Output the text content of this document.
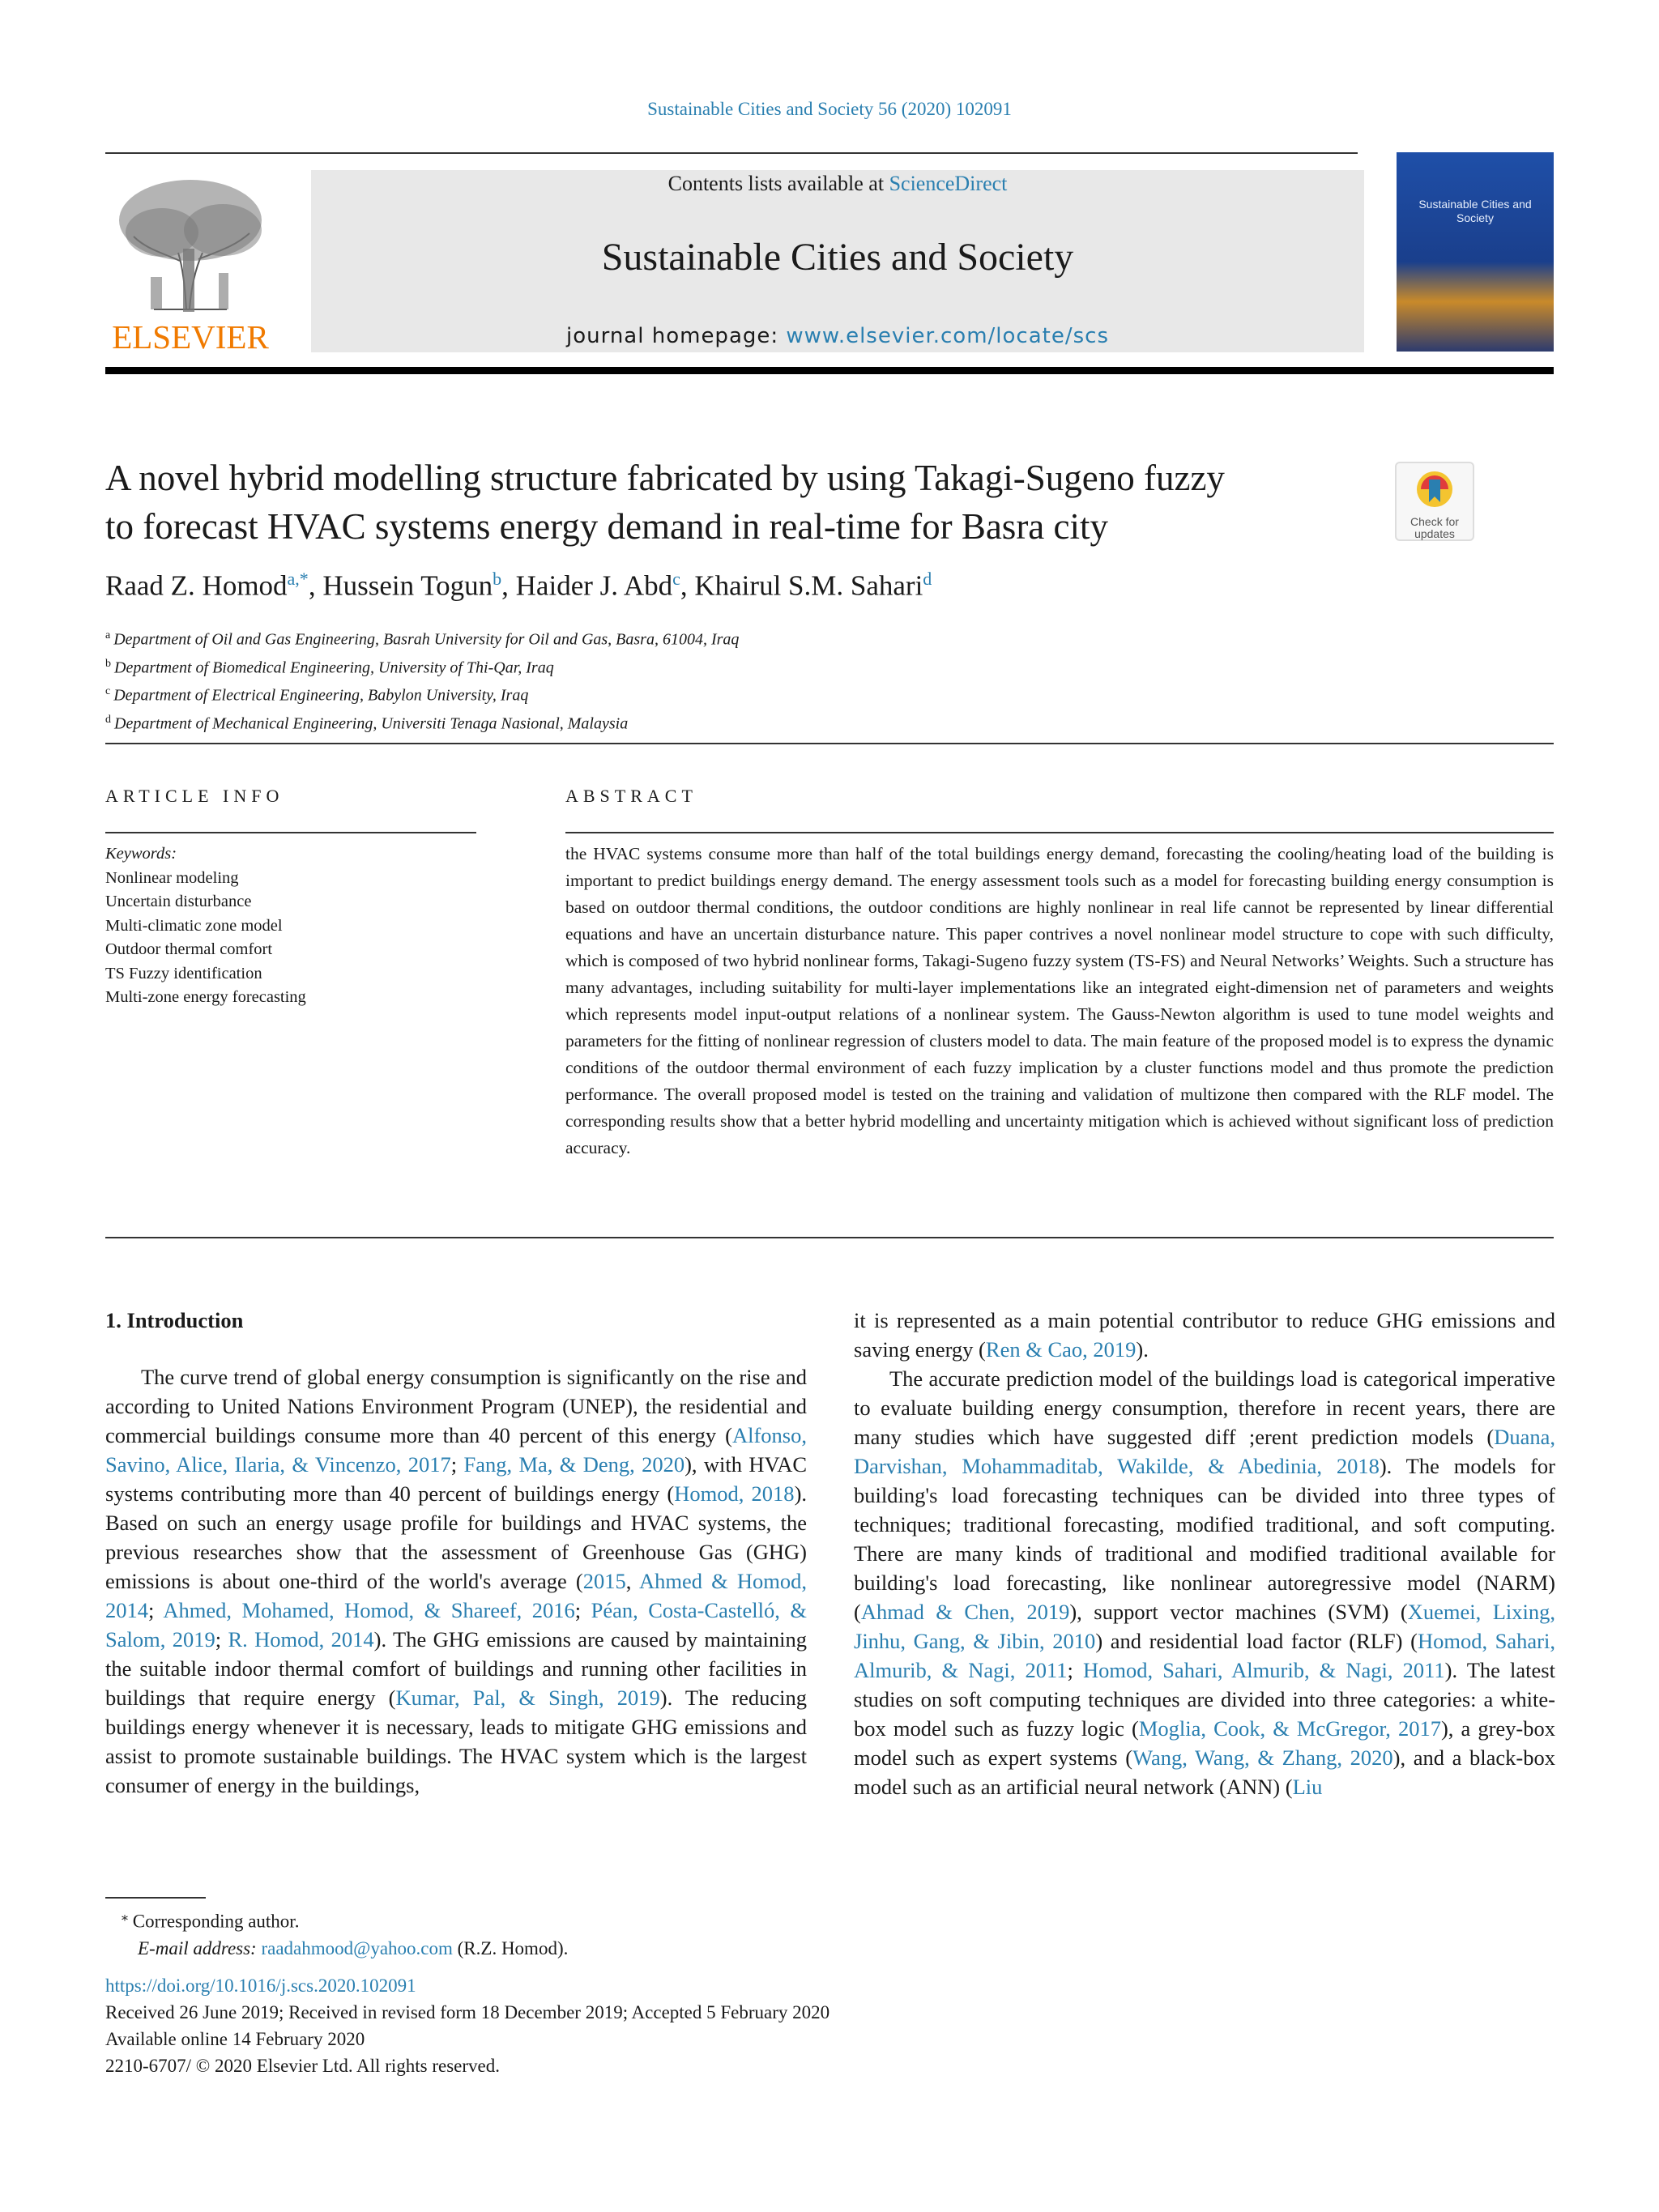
Sustainable Cities and Society 56 (2020) 102091
ELSEVIER
Contents lists available at ScienceDirect
Sustainable Cities and Society
journal homepage: www.elsevier.com/locate/scs
Sustainable Cities and Society
A novel hybrid modelling structure fabricated by using Takagi-Sugeno fuzzy
to forecast HVAC systems energy demand in real-time for Basra city	Check for updates
Raad Z. Homod$^{a,*}$, Hussein Togun$^b$, Haider J. Abd$^c$, Khairul S.M. Sahari$^d$
$^a$ Department of Oil and Gas Engineering, Basrah University for Oil and Gas, Basra, 61004, Iraq
$^b$ Department of Biomedical Engineering, University of Thi-Qar, Iraq
$^c$ Department of Electrical Engineering, Babylon University, Iraq
$^d$ Department of Mechanical Engineering, Universiti Tenaga Nasional, Malaysia
ARTICLE INFO	ABSTRACT
Keywords:
Nonlinear modeling
Uncertain disturbance
Multi-climatic zone model
Outdoor thermal comfort
TS Fuzzy identification
Multi-zone energy forecasting
the HVAC systems consume more than half of the total buildings energy demand, forecasting the cooling/heating load of the building is important to predict buildings energy demand. The energy assessment tools such as a model for forecasting building energy consumption is based on outdoor thermal conditions, the outdoor conditions are highly nonlinear in real life cannot be represented by linear differential equations and have an uncertain disturbance nature. This paper contrives a novel nonlinear model structure to cope with such difficulty, which is composed of two hybrid nonlinear forms, Takagi-Sugeno fuzzy system (TS-FS) and Neural Networks’ Weights. Such a structure has many advantages, including suitability for multi-layer implementations like an integrated eight-dimension net of parameters and weights which represents model input-output relations of a nonlinear system. The Gauss-Newton algorithm is used to tune model weights and parameters for the fitting of nonlinear regression of clusters model to data. The main feature of the proposed model is to express the dynamic conditions of the outdoor thermal environment of each fuzzy implication by a cluster functions model and thus promote the prediction performance. The overall proposed model is tested on the training and validation of multizone then compared with the RLF model. The corresponding results show that a better hybrid modelling and uncertainty mitigation which is achieved without significant loss of prediction accuracy.
1. Introduction

The curve trend of global energy consumption is significantly on the rise and according to United Nations Environment Program (UNEP), the residential and commercial buildings consume more than 40 percent of this energy (Alfonso, Savino, Alice, Ilaria, & Vincenzo, 2017; Fang, Ma, & Deng, 2020), with HVAC systems contributing more than 40 percent of buildings energy (Homod, 2018). Based on such an energy usage profile for buildings and HVAC systems, the previous researches show that the assessment of Greenhouse Gas (GHG) emissions is about one-third of the world's average (2015, Ahmed & Homod, 2014; Ahmed, Mohamed, Homod, & Shareef, 2016; Péan, Costa-Castelló, & Salom, 2019; R. Homod, 2014). The GHG emissions are caused by maintaining the suitable indoor thermal comfort of buildings and running other facilities in buildings that require energy (Kumar, Pal, & Singh, 2019). The reducing buildings energy whenever it is necessary, leads to mitigate GHG emissions and assist to promote sustainable buildings. The HVAC system which is the largest consumer of energy in the buildings,

it is represented as a main potential contributor to reduce GHG emissions and saving energy (Ren & Cao, 2019).

The accurate prediction model of the buildings load is categorical imperative to evaluate building energy consumption, therefore in recent years, there are many studies which have suggested diff ;erent prediction models (Duana, Darvishan, Mohammaditab, Wakilde, & Abedinia, 2018). The models for building's load forecasting techniques can be divided into three types of techniques; traditional forecasting, modified traditional, and soft computing. There are many kinds of traditional and modified traditional available for building's load forecasting, like nonlinear autoregressive model (NARM) (Ahmad & Chen, 2019), support vector machines (SVM) (Xuemei, Lixing, Jinhu, Gang, & Jibin, 2010) and residential load factor (RLF) (Homod, Sahari, Almurib, & Nagi, 2011; Homod, Sahari, Almurib, & Nagi, 2011). The latest studies on soft computing techniques are divided into three categories: a white-box model such as fuzzy logic (Moglia, Cook, & McGregor, 2017), a grey-box model such as expert systems (Wang, Wang, & Zhang, 2020), and a black-box model such as an artificial neural network (ANN) (Liu

⁎ Corresponding author.
E-mail address: raadahmood@yahoo.com (R.Z. Homod).
https://doi.org/10.1016/j.scs.2020.102091
Received 26 June 2019; Received in revised form 18 December 2019; Accepted 5 February 2020
Available online 14 February 2020
2210-6707/ © 2020 Elsevier Ltd. All rights reserved.
